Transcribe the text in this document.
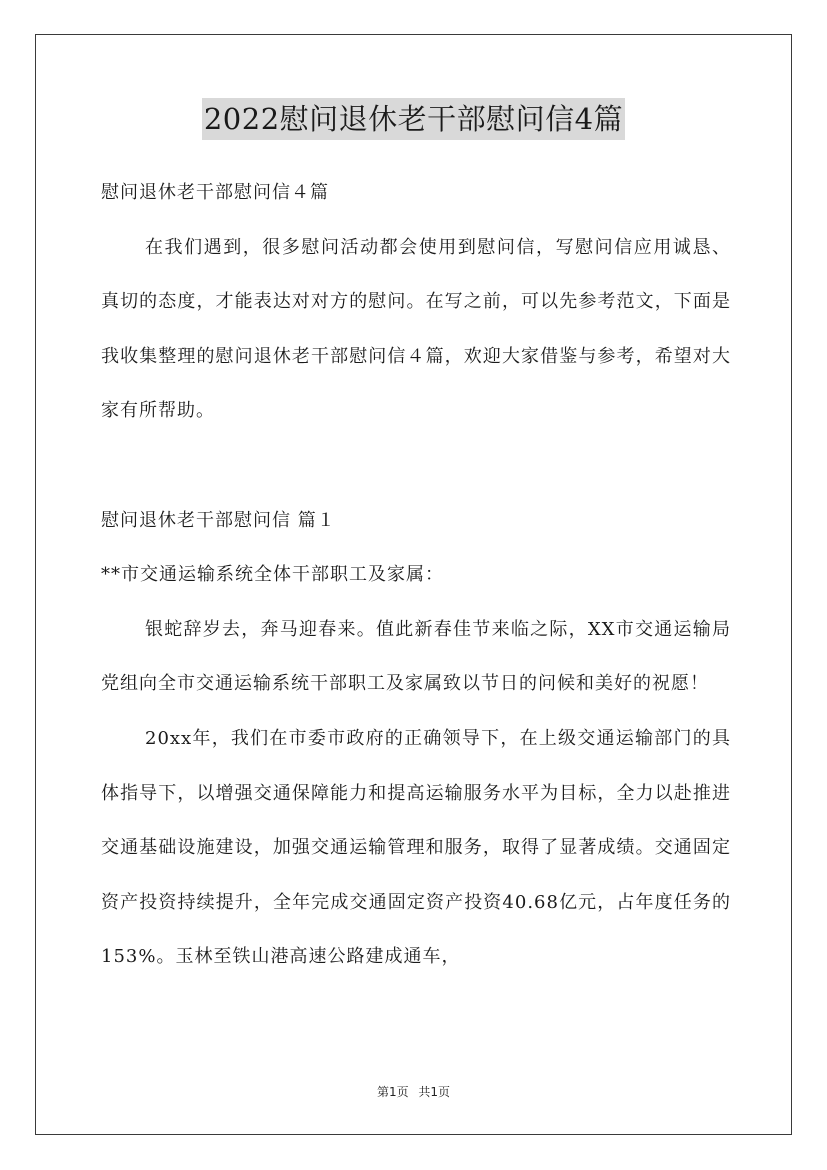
2022慰问退休老干部慰问信4篇

慰问退休老干部慰问信４篇

在我们遇到，很多慰问活动都会使用到慰问信，写慰问信应用诚恳、真切的态度，才能表达对对方的慰问。在写之前，可以先参考范文，下面是我收集整理的慰问退休老干部慰问信４篇，欢迎大家借鉴与参考，希望对大家有所帮助。

慰问退休老干部慰问信 篇１

**市交通运输系统全体干部职工及家属：

银蛇辞岁去，奔马迎春来。值此新春佳节来临之际，XX市交通运输局党组向全市交通运输系统干部职工及家属致以节日的问候和美好的祝愿！

20xx年，我们在市委市政府的正确领导下，在上级交通运输部门的具体指导下，以增强交通保障能力和提高运输服务水平为目标，全力以赴推进交通基础设施建设，加强交通运输管理和服务，取得了显著成绩。交通固定资产投资持续提升，全年完成交通固定资产投资40.68亿元，占年度任务的153%。玉林至铁山港高速公路建成通车，

第1页 共1页
